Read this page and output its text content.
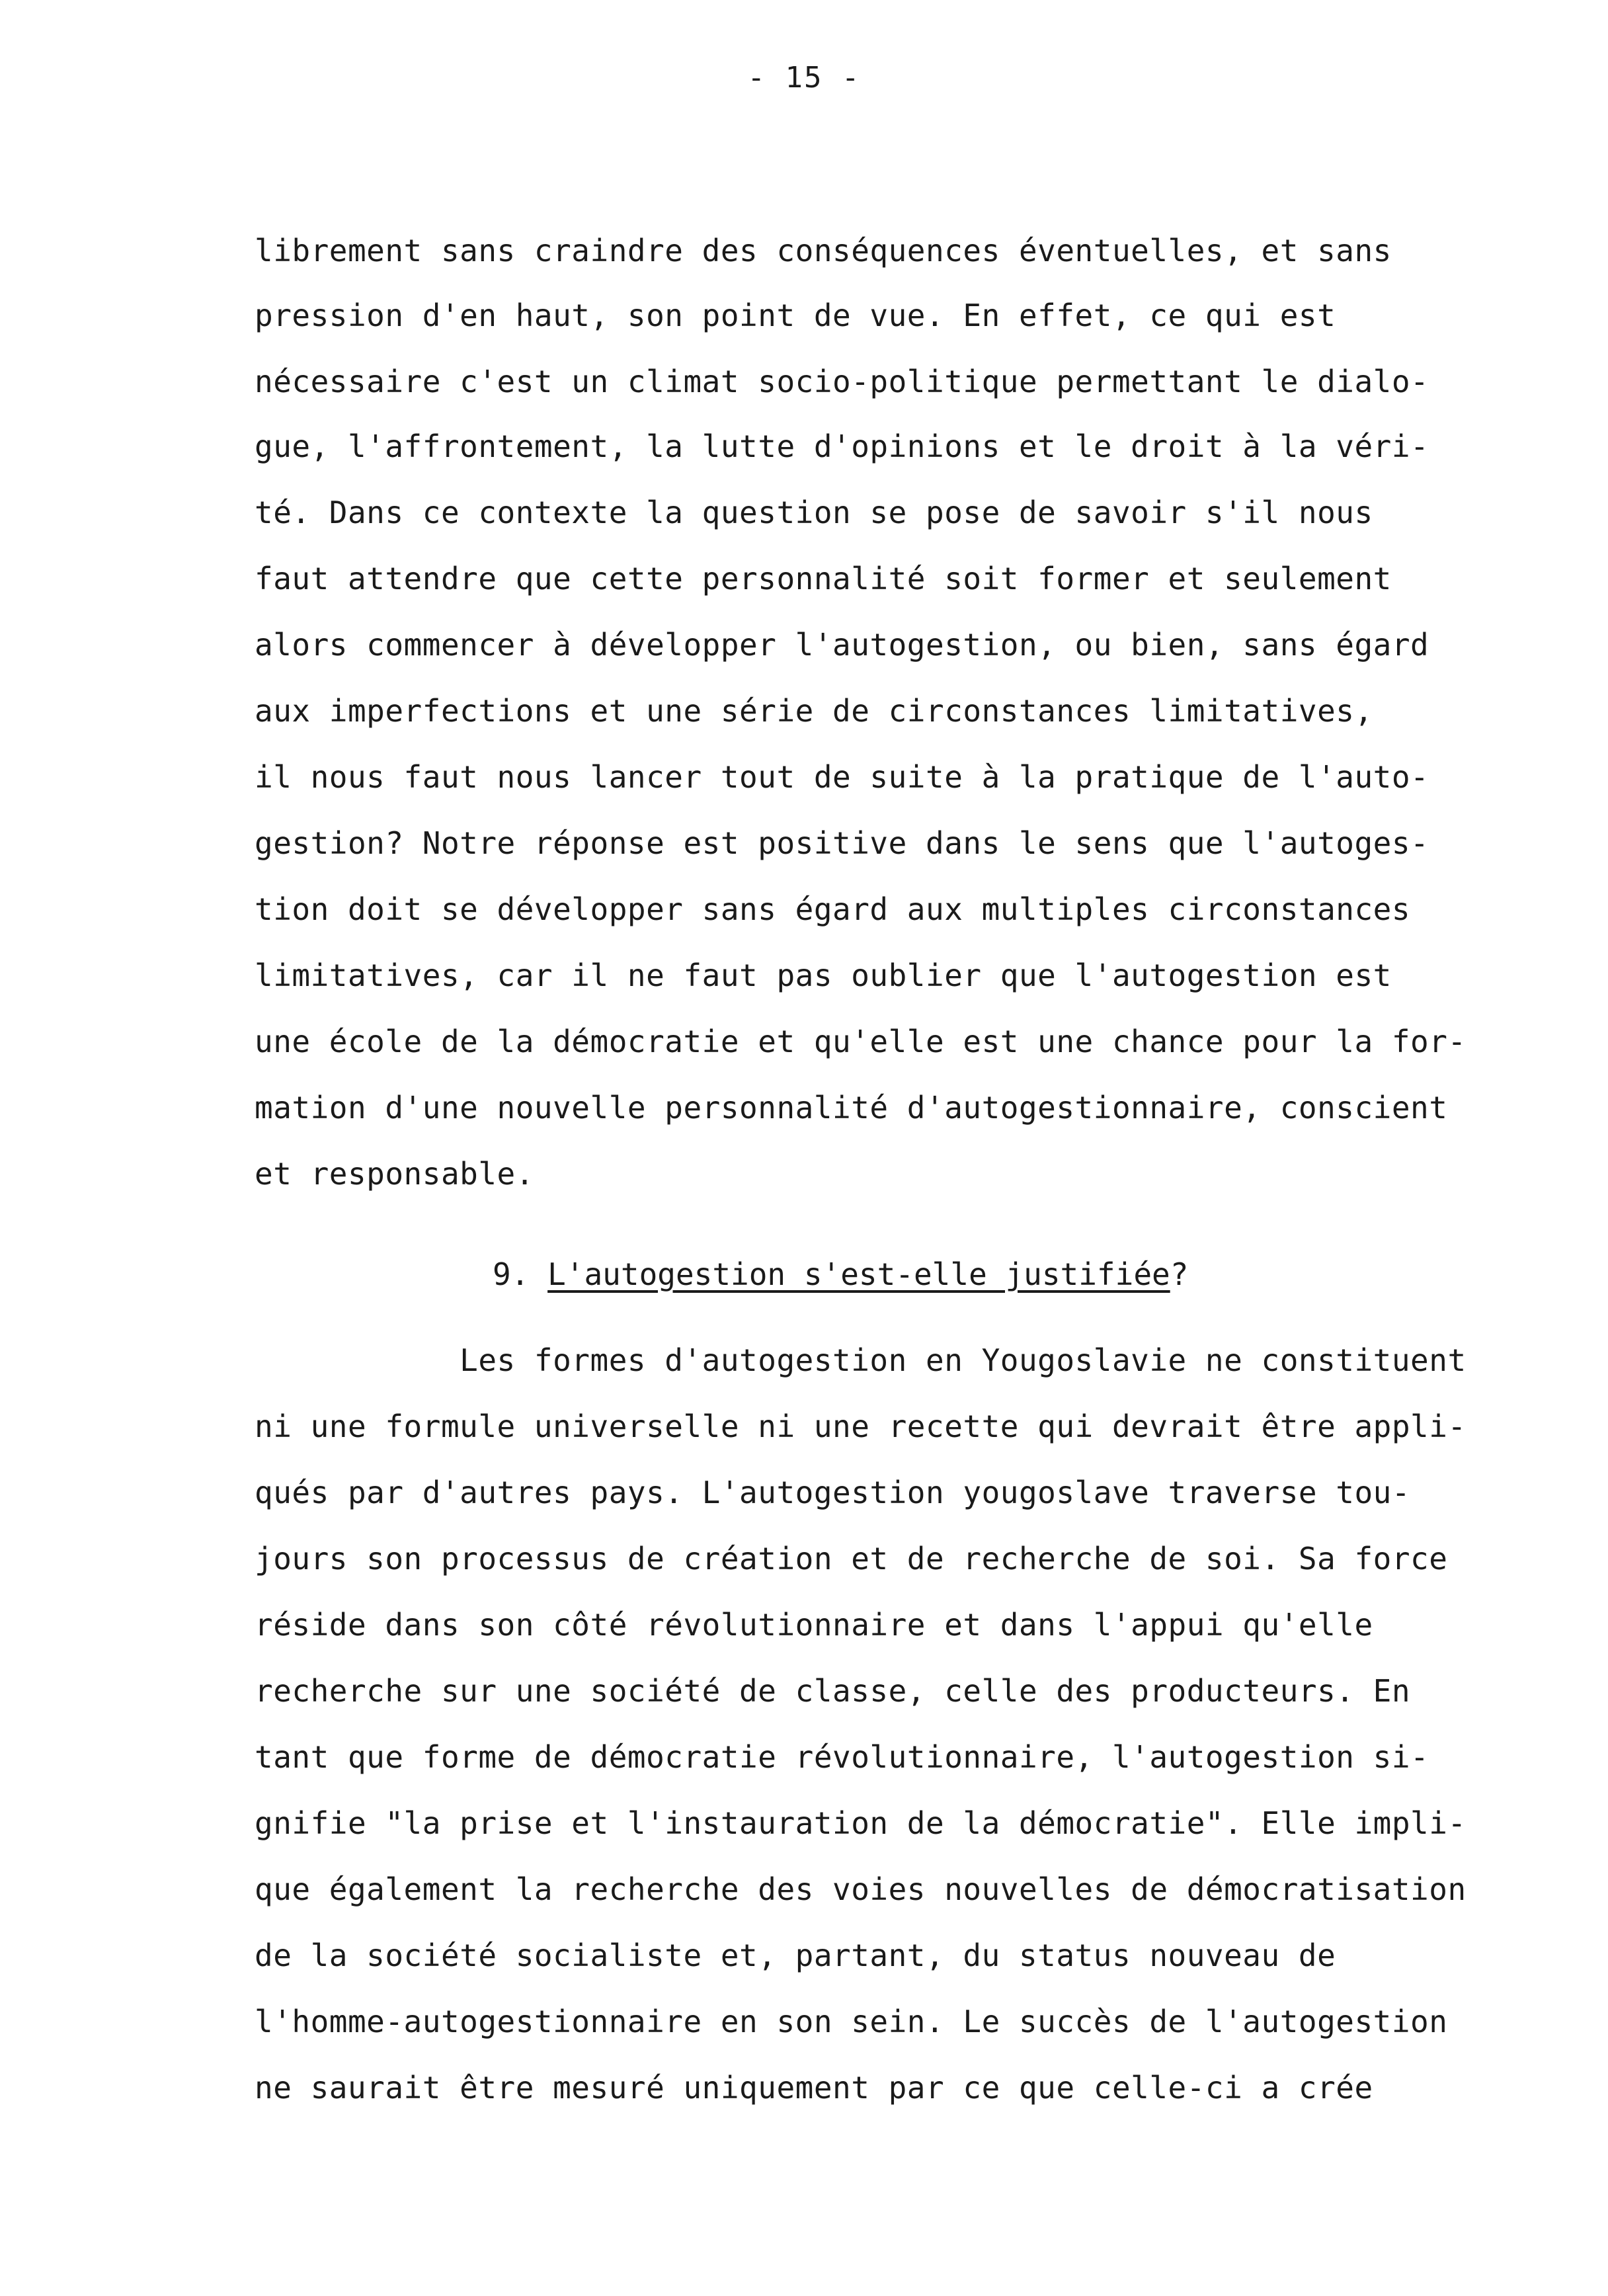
- 15 -
librement sans craindre des conséquences éventuelles, et sans
pression d'en haut, son point de vue. En effet, ce qui est
nécessaire c'est un climat socio-politique permettant le dialo-
gue, l'affrontement, la lutte d'opinions et le droit à la véri-
té. Dans ce contexte la question se pose de savoir s'il nous
faut attendre que cette personnalité soit former et seulement
alors commencer à développer l'autogestion, ou bien, sans égard
aux imperfections et une série de circonstances limitatives,
il nous faut nous lancer tout de suite à la pratique de l'auto-
gestion? Notre réponse est positive dans le sens que l'autoges-
tion doit se développer sans égard aux multiples circonstances
limitatives, car il ne faut pas oublier que l'autogestion est
une école de la démocratie et qu'elle est une chance pour la for-
mation d'une nouvelle personnalité d'autogestionnaire, conscient
et responsable.
9. L'autogestion s'est-elle justifiée?
Les formes d'autogestion en Yougoslavie ne constituent
ni une formule universelle ni une recette qui devrait être appli-
qués par d'autres pays. L'autogestion yougoslave traverse tou-
jours son processus de création et de recherche de soi. Sa force
réside dans son côté révolutionnaire et dans l'appui qu'elle
recherche sur une société de classe, celle des producteurs. En
tant que forme de démocratie révolutionnaire, l'autogestion si-
gnifie "la prise et l'instauration de la démocratie". Elle impli-
que également la recherche des voies nouvelles de démocratisation
de la société socialiste et, partant, du status nouveau de
l'homme-autogestionnaire en son sein. Le succès de l'autogestion
ne saurait être mesuré uniquement par ce que celle-ci a crée
